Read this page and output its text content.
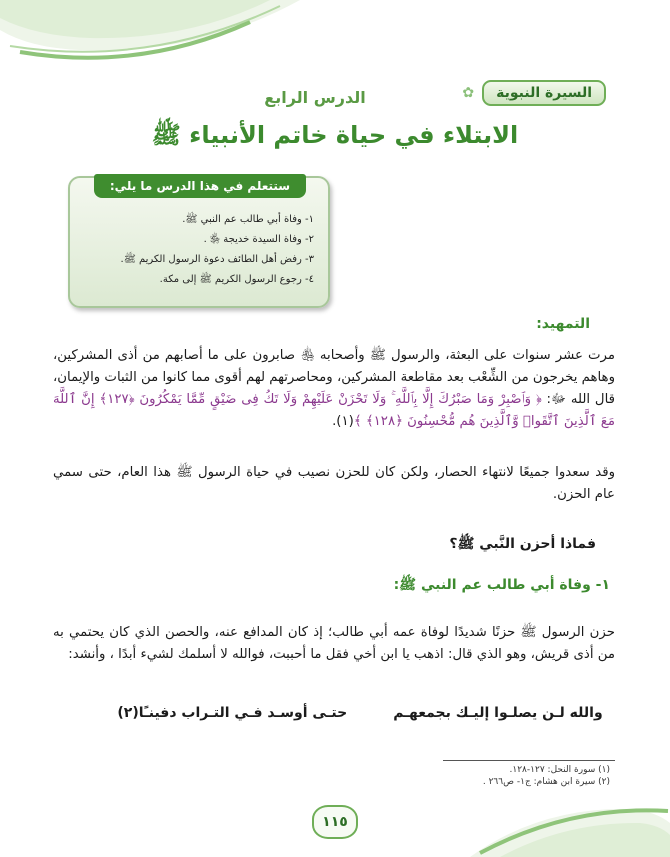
السيرة النبوية
✿
الدرس الرابع
الابتلاء في حياة خاتم الأنبياء ﷺ
ستتعلم في هذا الدرس ما يلي:
١- وفاة أبي طالب عم النبي ﷺ.
٢- وفاة السيدة خديجة ﵂ .
٣- رفض أهل الطائف دعوة الرسول الكريم ﷺ.
٤- رجوع الرسول الكريم ﷺ إلى مكة.
التمهيد:
مرت عشر سنوات على البعثة، والرسول ﷺ وأصحابه ﵃ صابرون على ما أصابهم من أذى المشركين، وهاهم يخرجون من الشِّعْب بعد مقاطعة المشركين، ومحاصرتهم لهم أقوى مما كانوا من الثبات والإيمان، قال الله ﷻ: ﴿ وَٱصْبِرْ وَمَا صَبْرُكَ إِلَّا بِٱللَّهِ ۚ وَلَا تَحْزَنْ عَلَيْهِمْ وَلَا تَكُ فِى ضَيْقٍ مِّمَّا يَمْكُرُونَ ﴿١٢٧﴾ إِنَّ ٱللَّهَ مَعَ ٱلَّذِينَ ٱتَّقَوا۟ وَّٱلَّذِينَ هُم مُّحْسِنُونَ ﴿١٢٨﴾ ﴾(١).
وقد سعدوا جميعًا لانتهاء الحصار، ولكن كان للحزن نصيب في حياة الرسول ﷺ هذا العام، حتى سمي عام الحزن.
فماذا أحزن النَّبي ﷺ؟
١- وفاة أبي طالب عم النبي ﷺ:
حزن الرسول ﷺ حزنًا شديدًا لوفاة عمه أبي طالب؛ إذ كان المدافع عنه، والحصن الذي كان يحتمي به من أذى قريش، وهو الذي قال: اذهب يا ابن أخي فقل ما أحببت، فوالله لا أسلمك لشيء أبدًا ، وأنشد:
والله لـن يصلـوا إليـك بجمعهـم
حتـى أوسـد فـي التـراب دفينـًا(٢)
(١) سورة النحل: ١٢٧-١٢٨.
(٢) سيرة ابن هشام: ج١- ص٢٦٦ .
١١٥
